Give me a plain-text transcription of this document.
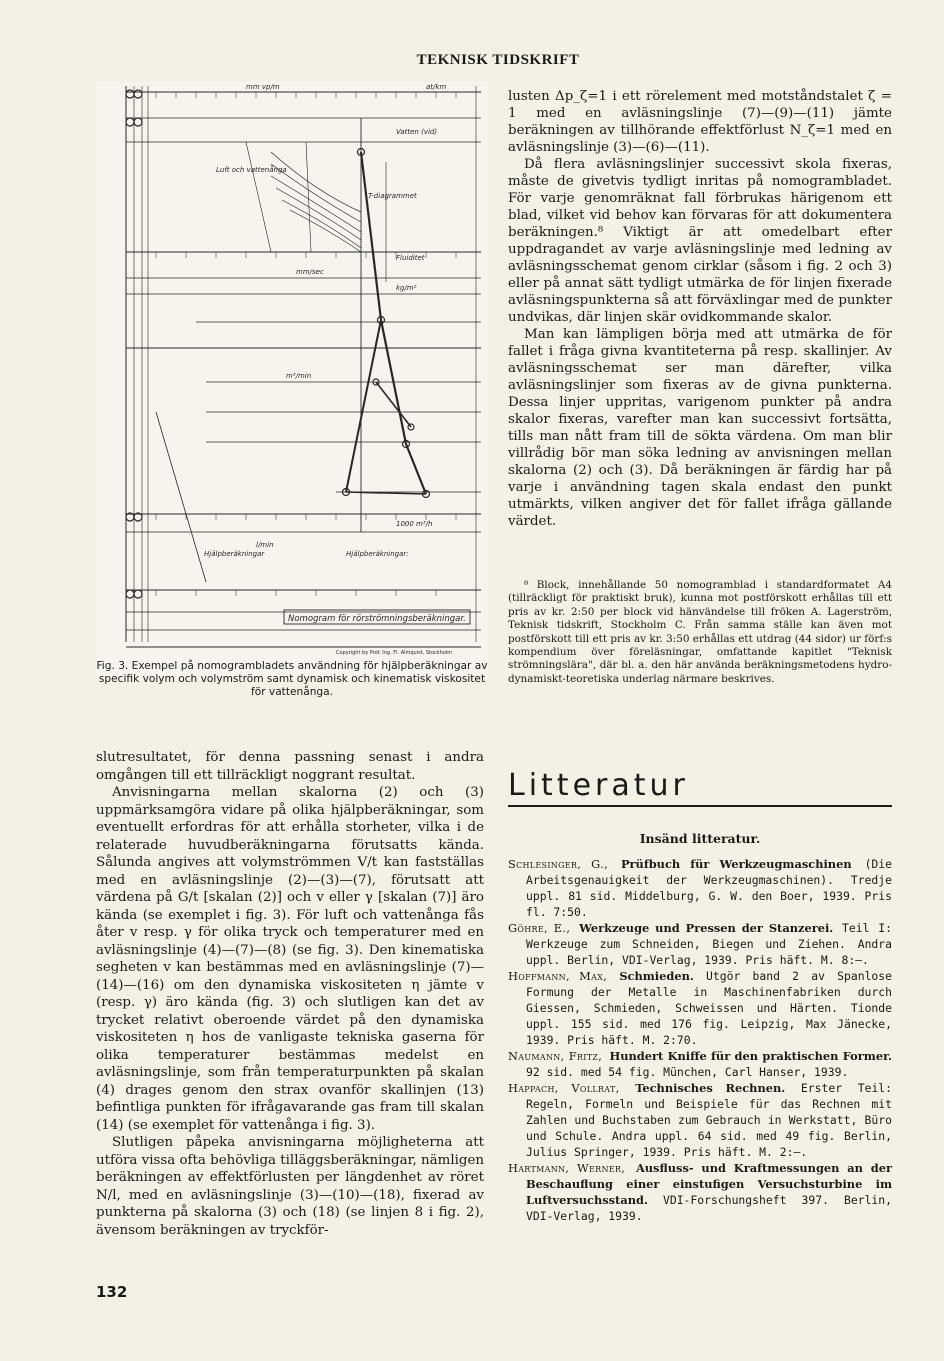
TEKNISK TIDSKRIFT
mm vp/m	at/km
mm/sec
kg/m²
m³/min
l/min
Vatten (vid)
Luft och vattenånga
Fluiditet
Hjälpberäkningar	Hjälpberäkningar:
T-diagrammet
1000 m³/h
Nomogram för rörströmningsberäkningar.
Copyright by Prof. Ing. Fl. Almquist, Stockholm
Fig. 3. Exempel på nomogrambladets användning för hjälpberäkningar av specifik volym och volymström samt dynamisk och kinematisk viskositet för vattenånga.

lusten Δp_ζ=1 i ett rörelement med motståndstalet ζ = 1 med en avläsningslinje (7)—(9)—(11) jämte beräkningen av tillhörande effektförlust N_ζ=1 med en avläsningslinje (3)—(6)—(11).

Då flera avläsningslinjer successivt skola fixeras, måste de givetvis tydligt inritas på nomogrambladet. För varje genomräknat fall förbrukas härigenom ett blad, vilket vid behov kan förvaras för att dokumentera beräkningen.⁸ Viktigt är att omedelbart efter uppdragandet av varje avläsningslinje med ledning av avläsningsschemat genom cirklar (såsom i fig. 2 och 3) eller på annat sätt tydligt utmärka de för linjen fixerade avläsningspunkterna så att förväxlingar med de punkter undvikas, där linjen skär ovidkommande skalor.

Man kan lämpligen börja med att utmärka de för fallet i fråga givna kvantiteterna på resp. skallinjer. Av avläsningsschemat ser man därefter, vilka avläsningslinjer som fixeras av de givna punkterna. Dessa linjer uppritas, varigenom punkter på andra skalor fixeras, varefter man kan successivt fortsätta, tills man nått fram till de sökta värdena. Om man blir villrådig bör man söka ledning av anvisningen mellan skalorna (2) och (3). Då beräkningen är färdig har på varje i användning tagen skala endast den punkt utmärkts, vilken angiver det för fallet ifråga gällande värdet.

⁸ Block, innehållande 50 nomogramblad i standardformatet A4 (tillräckligt för praktiskt bruk), kunna mot postförskott erhållas till ett pris av kr. 2:50 per block vid hänvändelse till fröken A. Lagerström, Teknisk tidskrift, Stockholm C. Från samma ställe kan även mot postförskott till ett pris av kr. 3:50 erhållas ett utdrag (44 sidor) ur förf:s kompendium över föreläsningar, omfattande kapitlet "Teknisk strömningslära", där bl. a. den här använda beräkningsmetodens hydrodynamiskt-teoretiska underlag närmare beskrives.

slutresultatet, för denna passning senast i andra omgången till ett tillräckligt noggrant resultat.

Anvisningarna mellan skalorna (2) och (3) uppmärksamgöra vidare på olika hjälpberäkningar, som eventuellt erfordras för att erhålla storheter, vilka i de relaterade huvudberäkningarna förutsatts kända. Sålunda angives att volymströmmen V/t kan fastställas med en avläsningslinje (2)—(3)—(7), förutsatt att värdena på G/t [skalan (2)] och v eller γ [skalan (7)] äro kända (se exemplet i fig. 3). För luft och vattenånga fås åter v resp. γ för olika tryck och temperaturer med en avläsningslinje (4)—(7)—(8) (se fig. 3). Den kinematiska segheten v kan bestämmas med en avläsningslinje (7)—(14)—(16) om den dynamiska viskositeten η jämte v (resp. γ) äro kända (fig. 3) och slutligen kan det av trycket relativt oberoende värdet på den dynamiska viskositeten η hos de vanligaste tekniska gaserna för olika temperaturer bestämmas medelst en avläsningslinje, som från temperaturpunkten på skalan (4) drages genom den strax ovanför skallinjen (13) befintliga punkten för ifrågavarande gas fram till skalan (14) (se exemplet för vattenånga i fig. 3).

Slutligen påpeka anvisningarna möjligheterna att utföra vissa ofta behövliga tilläggsberäkningar, nämligen beräkningen av effektförlusten per längdenhet av röret N/l, med en avläsningslinje (3)—(10)—(18), fixerad av punkterna på skalorna (3) och (18) (se linjen 8 i fig. 2), ävensom beräkningen av tryckför-

Litteratur
Insänd litteratur.

Schlesinger, G., Prüfbuch für Werkzeugmaschinen (Die Arbeitsgenauigkeit der Werkzeugmaschinen). Tredje uppl. 81 sid. Middelburg, G. W. den Boer, 1939. Pris fl. 7:50.

Göhre, E., Werkzeuge und Pressen der Stanzerei. Teil I: Werkzeuge zum Schneiden, Biegen und Ziehen. Andra uppl. Berlin, VDI-Verlag, 1939. Pris häft. M. 8:—.

Hoffmann, Max, Schmieden. Utgör band 2 av Spanlose Formung der Metalle in Maschinenfabriken durch Giessen, Schmieden, Schweissen und Härten. Tionde uppl. 155 sid. med 176 fig. Leipzig, Max Jänecke, 1939. Pris häft. M. 2:70.

Naumann, Fritz, Hundert Kniffe für den praktischen Former. 92 sid. med 54 fig. München, Carl Hanser, 1939.

Happach, Vollrat, Technisches Rechnen. Erster Teil: Regeln, Formeln und Beispiele für das Rechnen mit Zahlen und Buchstaben zum Gebrauch in Werkstatt, Büro und Schule. Andra uppl. 64 sid. med 49 fig. Berlin, Julius Springer, 1939. Pris häft. M. 2:—.

Hartmann, Werner, Ausfluss- und Kraftmessungen an der Beschauflung einer einstufigen Versuchsturbine im Luftversuchsstand. VDI-Forschungsheft 397. Berlin, VDI-Verlag, 1939.

132
